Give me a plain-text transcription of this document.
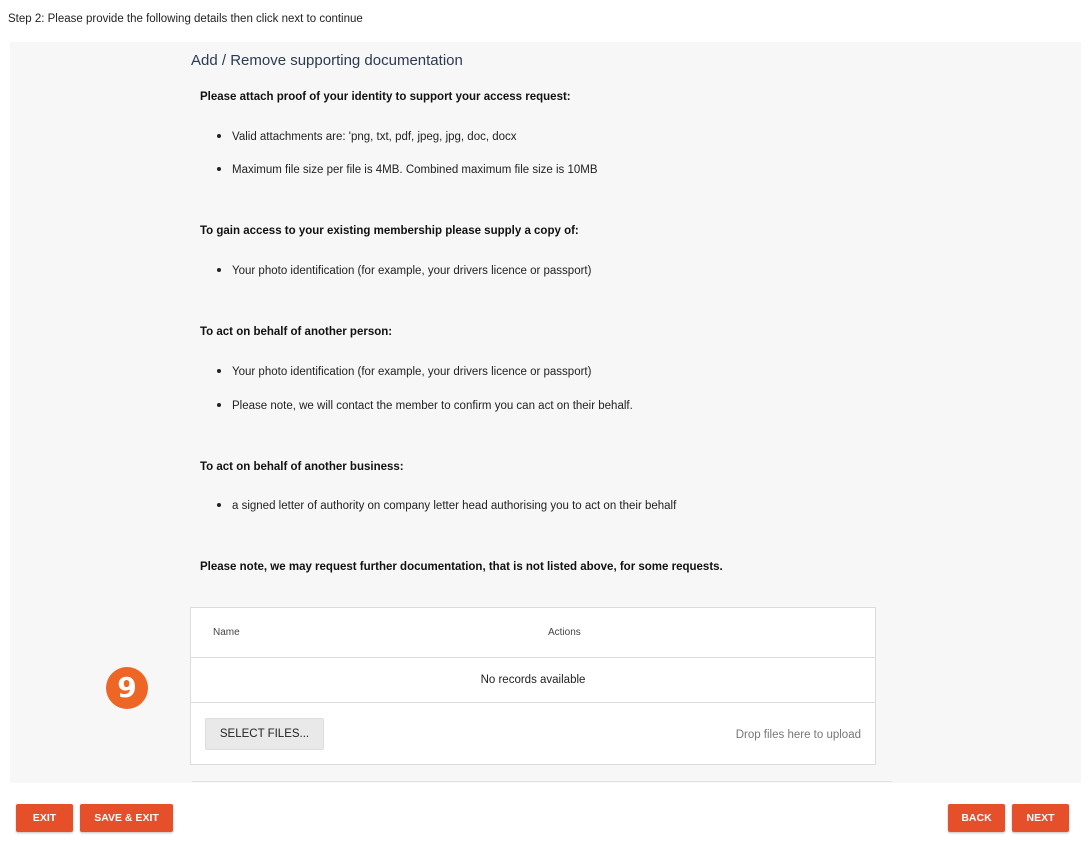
Step 2: Please provide the following details then click next to continue
Add / Remove supporting documentation
Please attach proof of your identity to support your access request:
Valid attachments are: 'png, txt, pdf, jpeg, jpg, doc, docx
Maximum file size per file is 4MB. Combined maximum file size is 10MB
To gain access to your existing membership please supply a copy of:
Your photo identification (for example, your drivers licence or passport)
To act on behalf of another person:
Your photo identification (for example, your drivers licence or passport)
Please note, we will contact the member to confirm you can act on their behalf.
To act on behalf of another business:
a signed letter of authority on company letter head authorising you to act on their behalf
Please note, we may request further documentation, that is not listed above, for some requests.
Name	Actions
No records available
SELECT FILES...	Drop files here to upload
9
EXIT	SAVE & EXIT	BACK	NEXT
